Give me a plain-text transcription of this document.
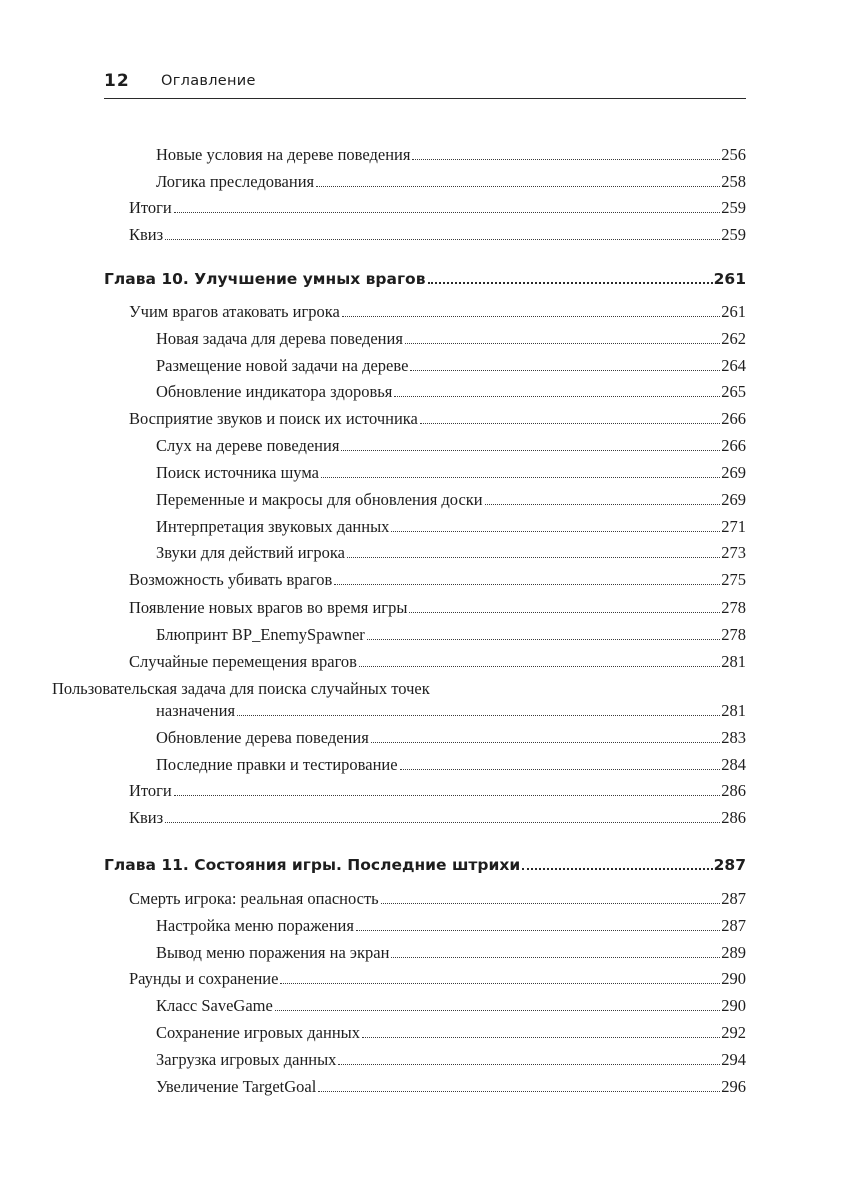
12 Оглавление
Новые условия на дереве поведения	256
Логика преследования	258
Итоги	259
Квиз	259
Глава 10. Улучшение умных врагов	261
Учим врагов атаковать игрока	261
Новая задача для дерева поведения	262
Размещение новой задачи на дереве	264
Обновление индикатора здоровья	265
Восприятие звуков и поиск их источника	266
Слух на дереве поведения	266
Поиск источника шума	269
Переменные и макросы для обновления доски	269
Интерпретация звуковых данных	271
Звуки для действий игрока	273
Возможность убивать врагов	275
Появление новых врагов во время игры	278
Блюпринт BP_EnemySpawner	278
Случайные перемещения врагов	281
Пользовательская задача для поиска случайных точек
назначения	281
Обновление дерева поведения	283
Последние правки и тестирование	284
Итоги	286
Квиз	286
Глава 11. Состояния игры. Последние штрихи	287
Смерть игрока: реальная опасность	287
Настройка меню поражения	287
Вывод меню поражения на экран	289
Раунды и сохранение	290
Класс SaveGame	290
Сохранение игровых данных	292
Загрузка игровых данных	294
Увеличение TargetGoal	296
